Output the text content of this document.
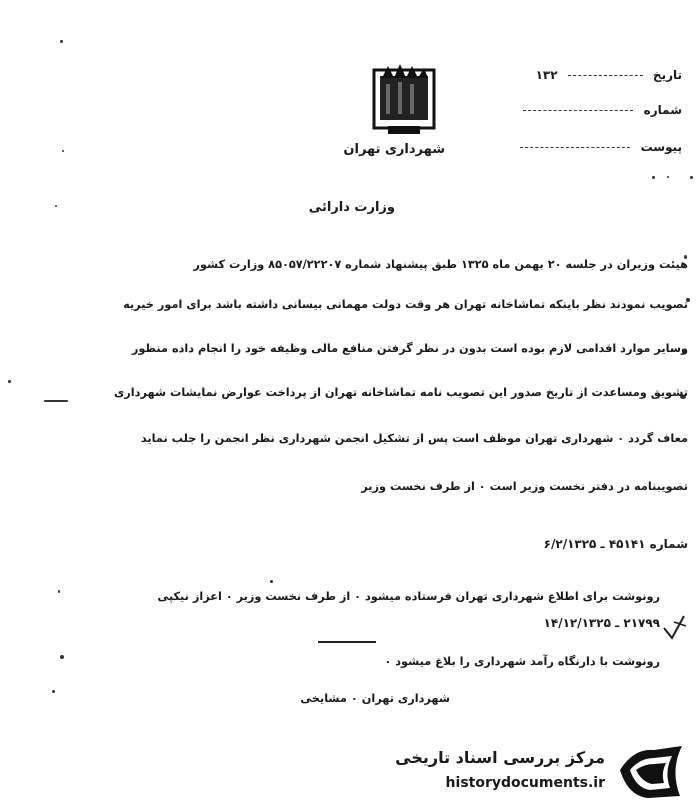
شهرداری تهران
تاریخ  ۱۳۲
شماره
پیوست
وزارت دارائی
هیئت وزیران در جلسه ۲۰ بهمن ماه ۱۳۲۵ طبق پیشنهاد شماره ۸۵۰۵۷/۲۲۲۰۷ وزارت کشور
تصویب نمودند نظر باینکه تماشاخانه تهران هر وقت دولت مهمانی بیسانی داشته باشد برای امور خیریه
وسایر موارد اقدامی لازم بوده است بدون در نظر گرفتن منافع مالی وظیفه خود را انجام داده منظور
تشویق ومساعدت از تاریخ صدور این تصویب نامه تماشاخانه تهران از پرداخت عوارض نمایشات شهرداری
معاف گردد ۰ شهرداری تهران موظف است پس از تشکیل انجمن شهرداری نظر انجمن را جلب نماید
تصویبنامه در دفتر نخست وزیر است ۰ از طرف نخست وزیر
شماره ۴۵۱۴۱ ـ ۶/۲/۱۳۲۵
رونوشت برای اطلاع شهرداری تهران فرستاده میشود ۰ از طرف نخست وزیر ۰ اعزاز نیکپی
۲۱۷۹۹ ـ ۱۴/۱۲/۱۳۲۵
رونوشت با دارنگاه رآمد شهرداری را بلاغ میشود ۰
شهرداری تهران ۰ مشایخی
مرکز بررسی اسناد تاریخی
historydocuments.ir
